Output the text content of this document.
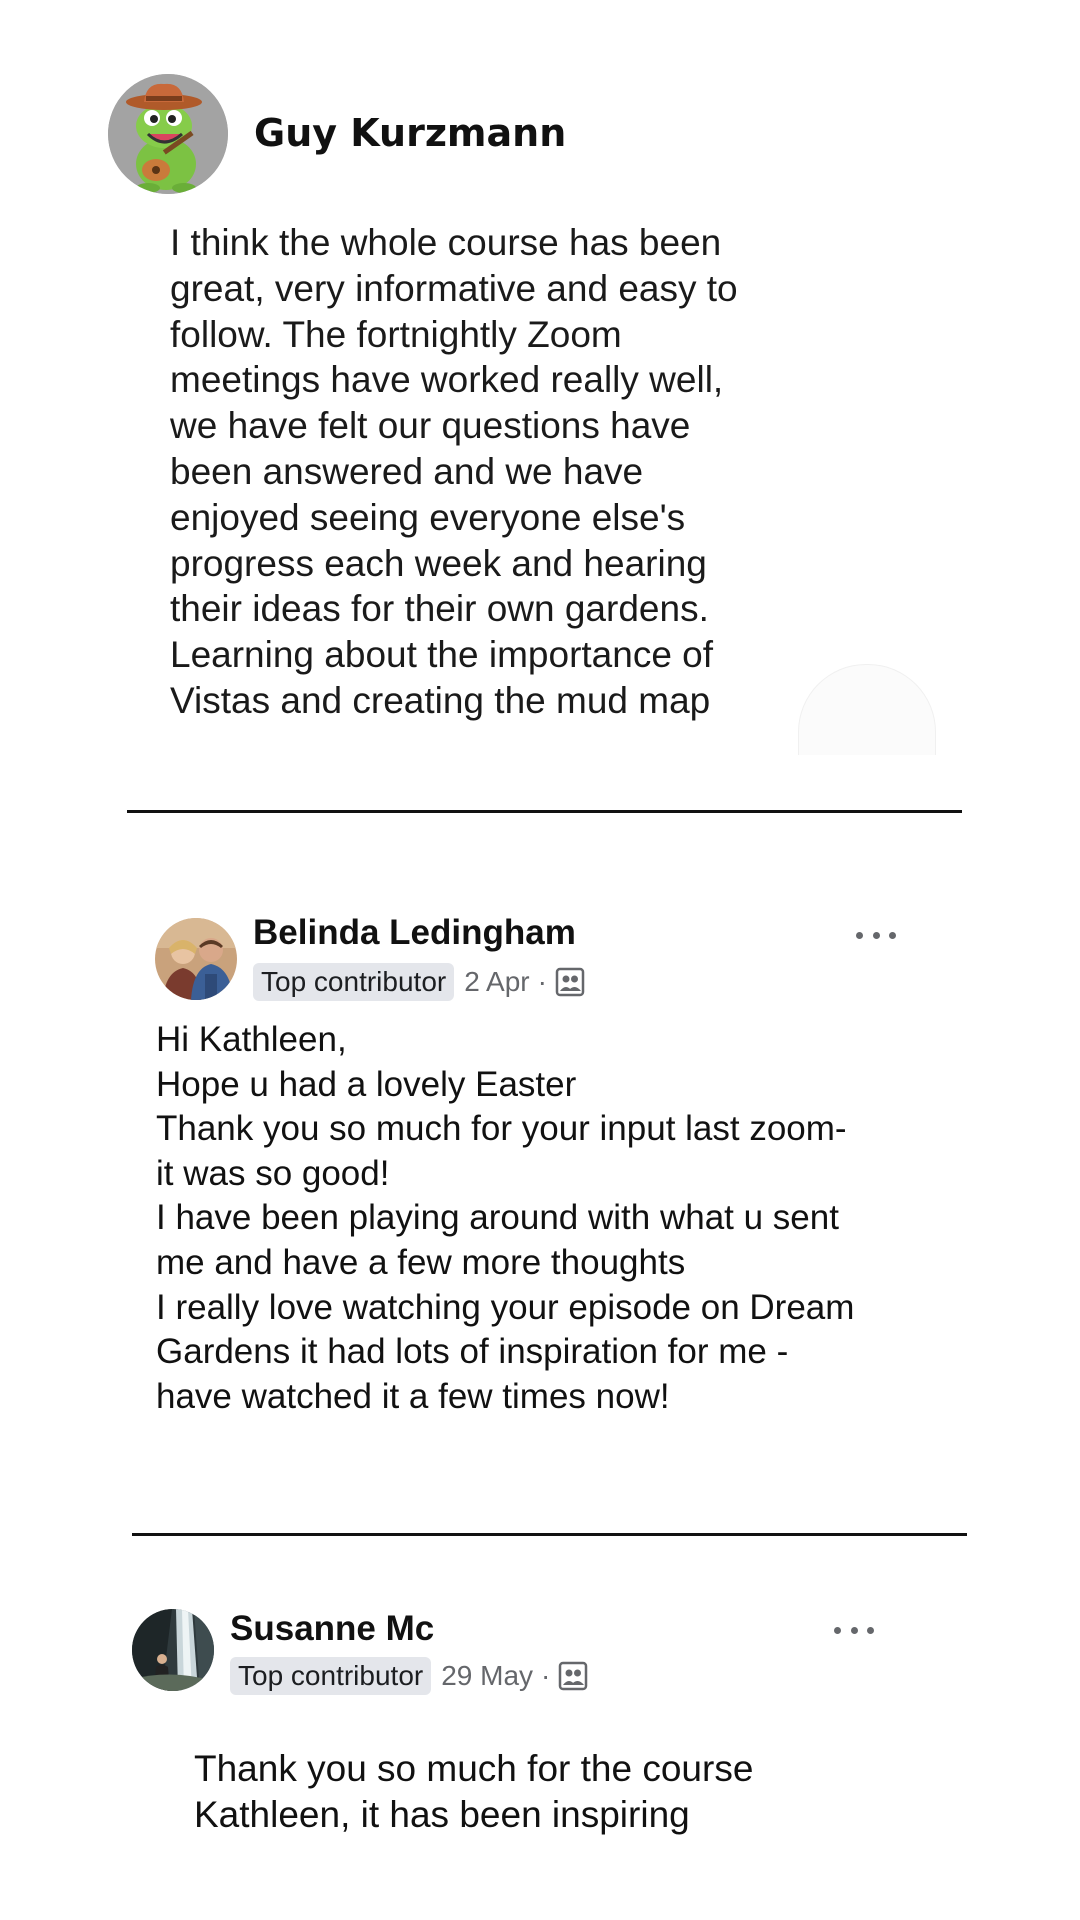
Guy Kurzmann
I think the whole course has been
great, very informative and easy to
follow. The fortnightly Zoom
meetings have worked really well,
we have felt our questions have
been answered and we have
enjoyed seeing everyone else's
progress each week and hearing
their ideas for their own gardens.
Learning about the importance of
Vistas and creating the mud map
Belinda Ledingham
Top contributor 2 Apr ·
Hi Kathleen,
Hope u had a lovely Easter
Thank you so much for your input last zoom-
it was so good!
I have been playing around with what u sent
me and have a few more thoughts
I really love watching your episode on Dream
Gardens it had lots of inspiration for me -
have watched it a few times now!
Susanne Mc
Top contributor 29 May ·
Thank you so much for the course
Kathleen, it has been inspiring
